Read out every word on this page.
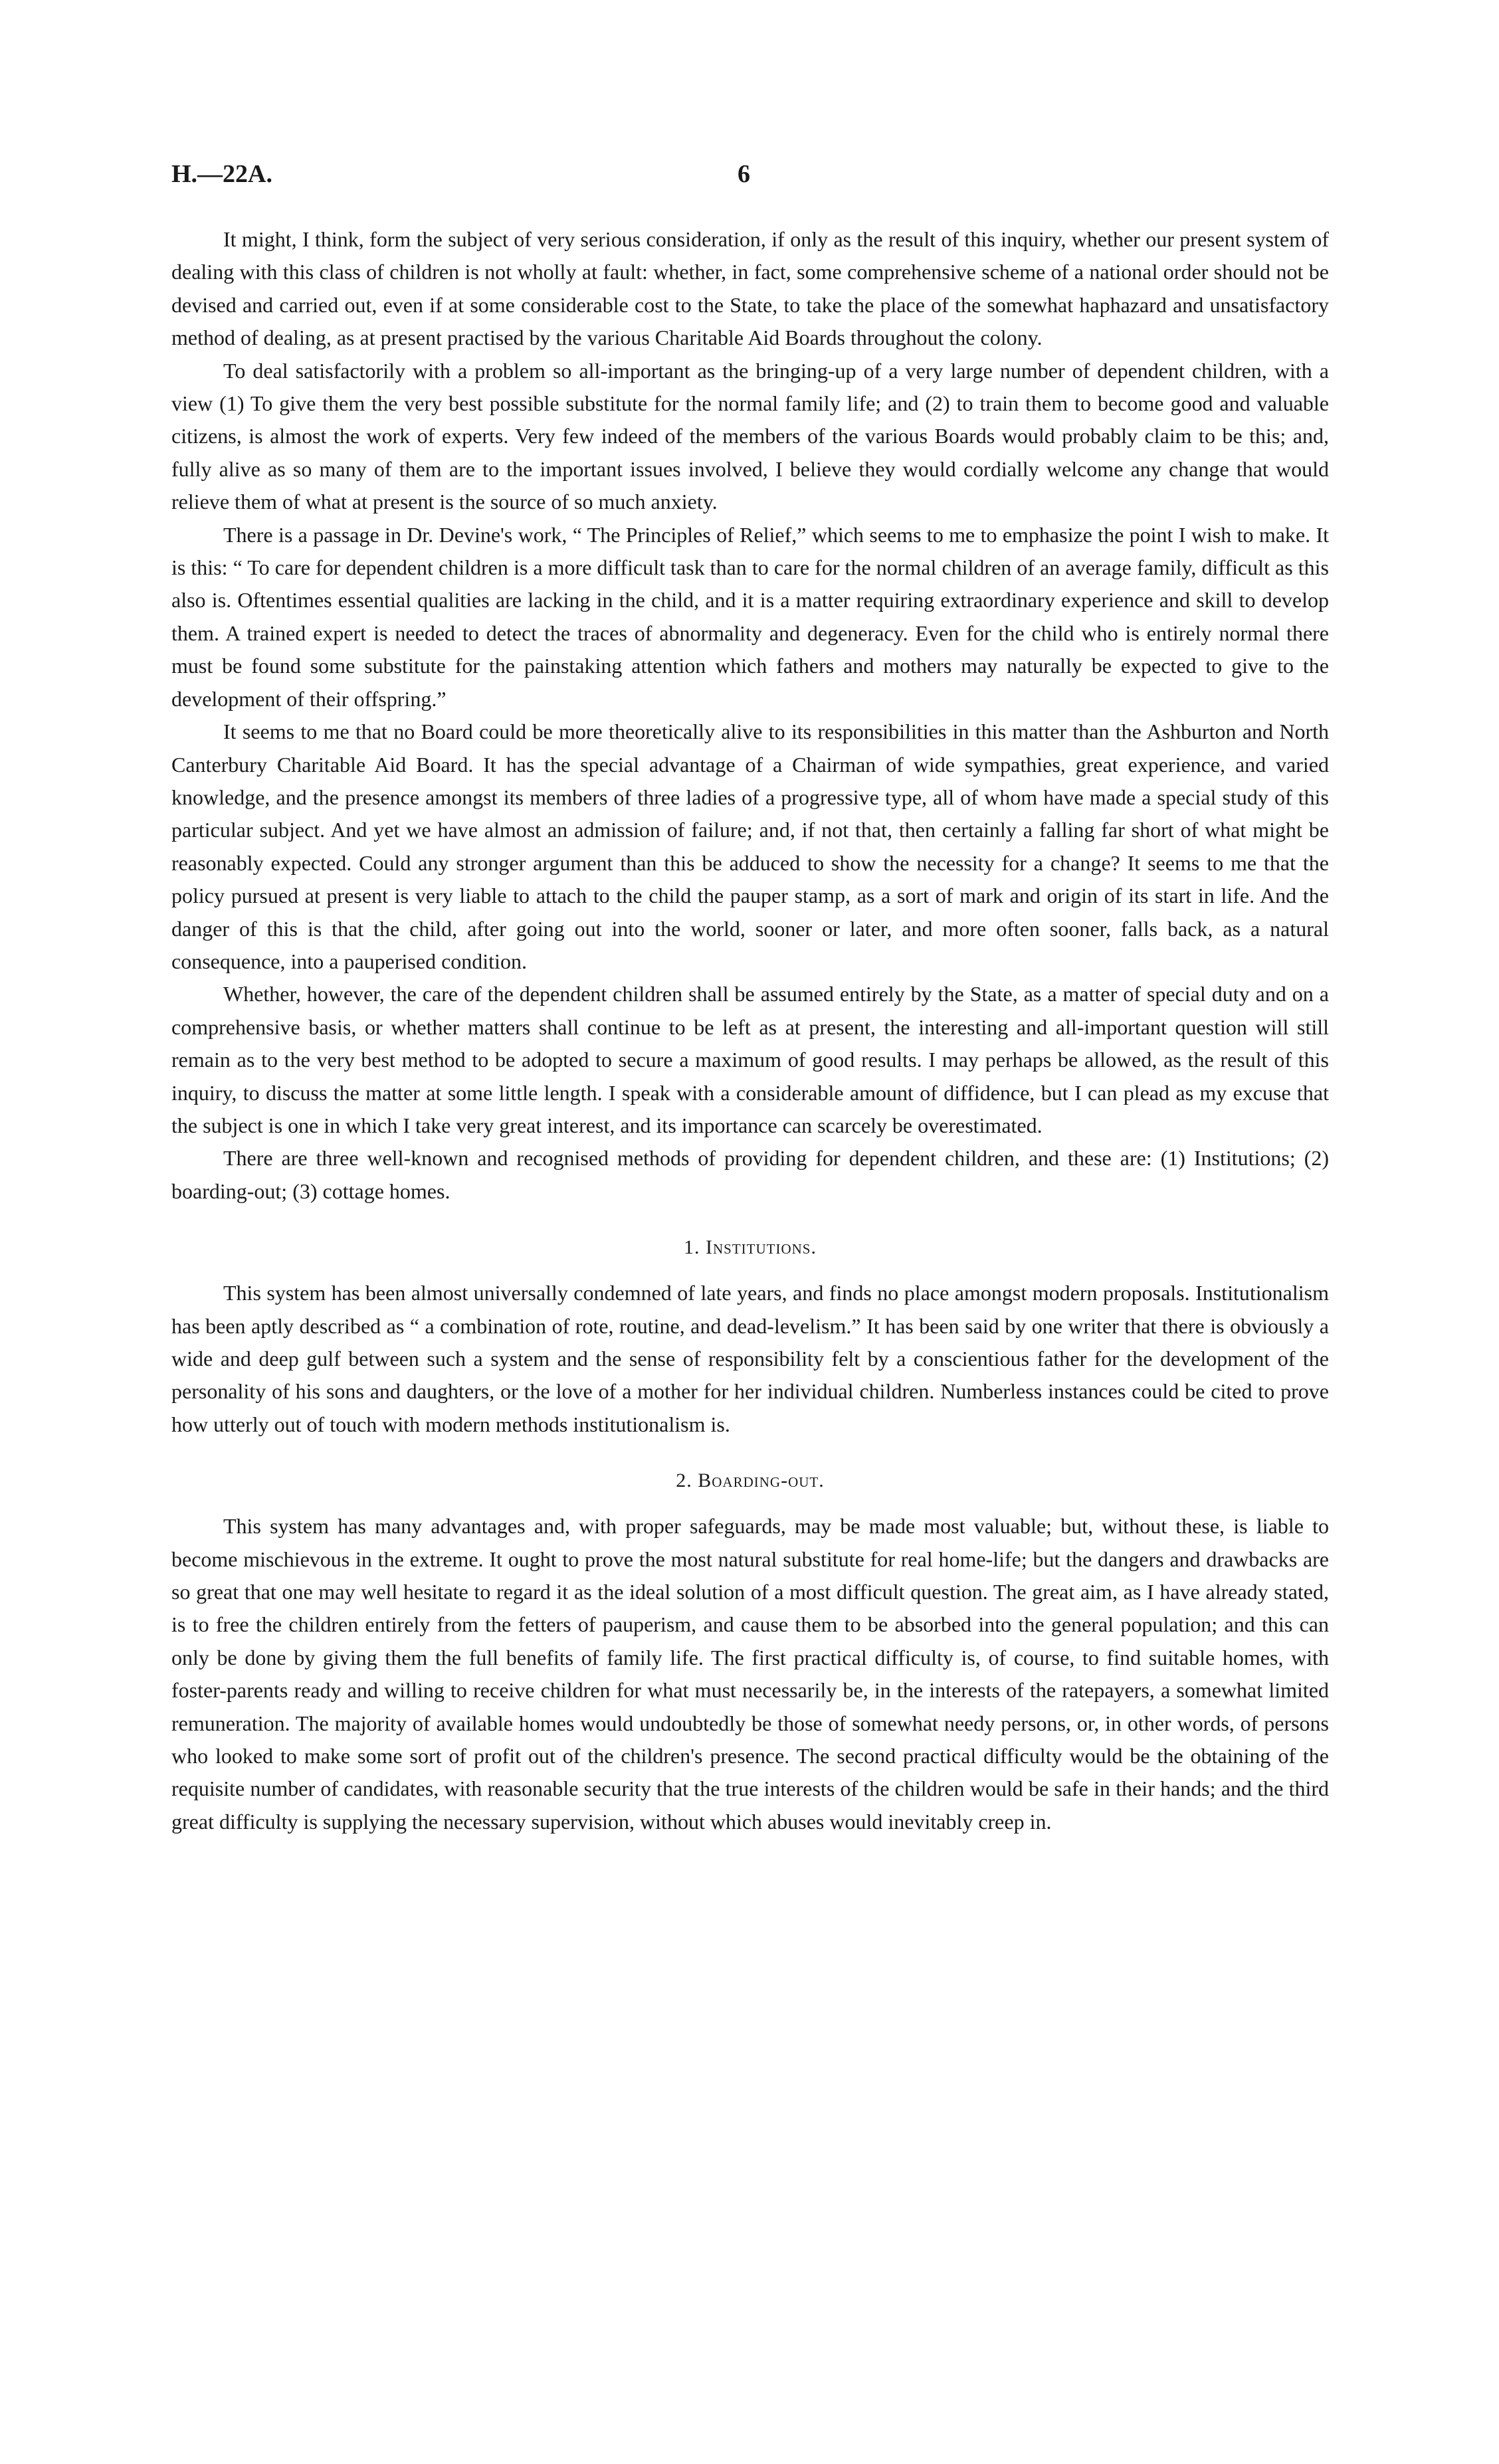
H.—22A.	6

It might, I think, form the subject of very serious consideration, if only as the result of this inquiry, whether our present system of dealing with this class of children is not wholly at fault: whether, in fact, some comprehensive scheme of a national order should not be devised and carried out, even if at some considerable cost to the State, to take the place of the somewhat haphazard and unsatisfactory method of dealing, as at present practised by the various Charitable Aid Boards throughout the colony.

To deal satisfactorily with a problem so all-important as the bringing-up of a very large number of dependent children, with a view (1) To give them the very best possible substitute for the normal family life; and (2) to train them to become good and valuable citizens, is almost the work of experts. Very few indeed of the members of the various Boards would probably claim to be this; and, fully alive as so many of them are to the important issues involved, I believe they would cordially welcome any change that would relieve them of what at present is the source of so much anxiety.

There is a passage in Dr. Devine's work, “ The Principles of Relief,” which seems to me to emphasize the point I wish to make. It is this: “ To care for dependent children is a more difficult task than to care for the normal children of an average family, difficult as this also is. Oftentimes essential qualities are lacking in the child, and it is a matter requiring extraordinary experience and skill to develop them. A trained expert is needed to detect the traces of abnormality and degeneracy. Even for the child who is entirely normal there must be found some substitute for the painstaking attention which fathers and mothers may naturally be expected to give to the development of their offspring.”

It seems to me that no Board could be more theoretically alive to its responsibilities in this matter than the Ashburton and North Canterbury Charitable Aid Board. It has the special advantage of a Chairman of wide sympathies, great experience, and varied knowledge, and the presence amongst its members of three ladies of a progressive type, all of whom have made a special study of this particular subject. And yet we have almost an admission of failure; and, if not that, then certainly a falling far short of what might be reasonably expected. Could any stronger argument than this be adduced to show the necessity for a change? It seems to me that the policy pursued at present is very liable to attach to the child the pauper stamp, as a sort of mark and origin of its start in life. And the danger of this is that the child, after going out into the world, sooner or later, and more often sooner, falls back, as a natural consequence, into a pauperised condition.

Whether, however, the care of the dependent children shall be assumed entirely by the State, as a matter of special duty and on a comprehensive basis, or whether matters shall continue to be left as at present, the interesting and all-important question will still remain as to the very best method to be adopted to secure a maximum of good results. I may perhaps be allowed, as the result of this inquiry, to discuss the matter at some little length. I speak with a considerable amount of diffidence, but I can plead as my excuse that the subject is one in which I take very great interest, and its importance can scarcely be overestimated.

There are three well-known and recognised methods of providing for dependent children, and these are: (1) Institutions; (2) boarding-out; (3) cottage homes.

1. Institutions.

This system has been almost universally condemned of late years, and finds no place amongst modern proposals. Institutionalism has been aptly described as “ a combination of rote, routine, and dead-levelism.” It has been said by one writer that there is obviously a wide and deep gulf between such a system and the sense of responsibility felt by a conscientious father for the development of the personality of his sons and daughters, or the love of a mother for her individual children. Numberless instances could be cited to prove how utterly out of touch with modern methods institutionalism is.

2. Boarding-out.

This system has many advantages and, with proper safeguards, may be made most valuable; but, without these, is liable to become mischievous in the extreme. It ought to prove the most natural substitute for real home-life; but the dangers and drawbacks are so great that one may well hesitate to regard it as the ideal solution of a most difficult question. The great aim, as I have already stated, is to free the children entirely from the fetters of pauperism, and cause them to be absorbed into the general population; and this can only be done by giving them the full benefits of family life. The first practical difficulty is, of course, to find suitable homes, with foster-parents ready and willing to receive children for what must necessarily be, in the interests of the ratepayers, a somewhat limited remuneration. The majority of available homes would undoubtedly be those of somewhat needy persons, or, in other words, of persons who looked to make some sort of profit out of the children's presence. The second practical difficulty would be the obtaining of the requisite number of candidates, with reasonable security that the true interests of the children would be safe in their hands; and the third great difficulty is supplying the necessary supervision, without which abuses would inevitably creep in.
